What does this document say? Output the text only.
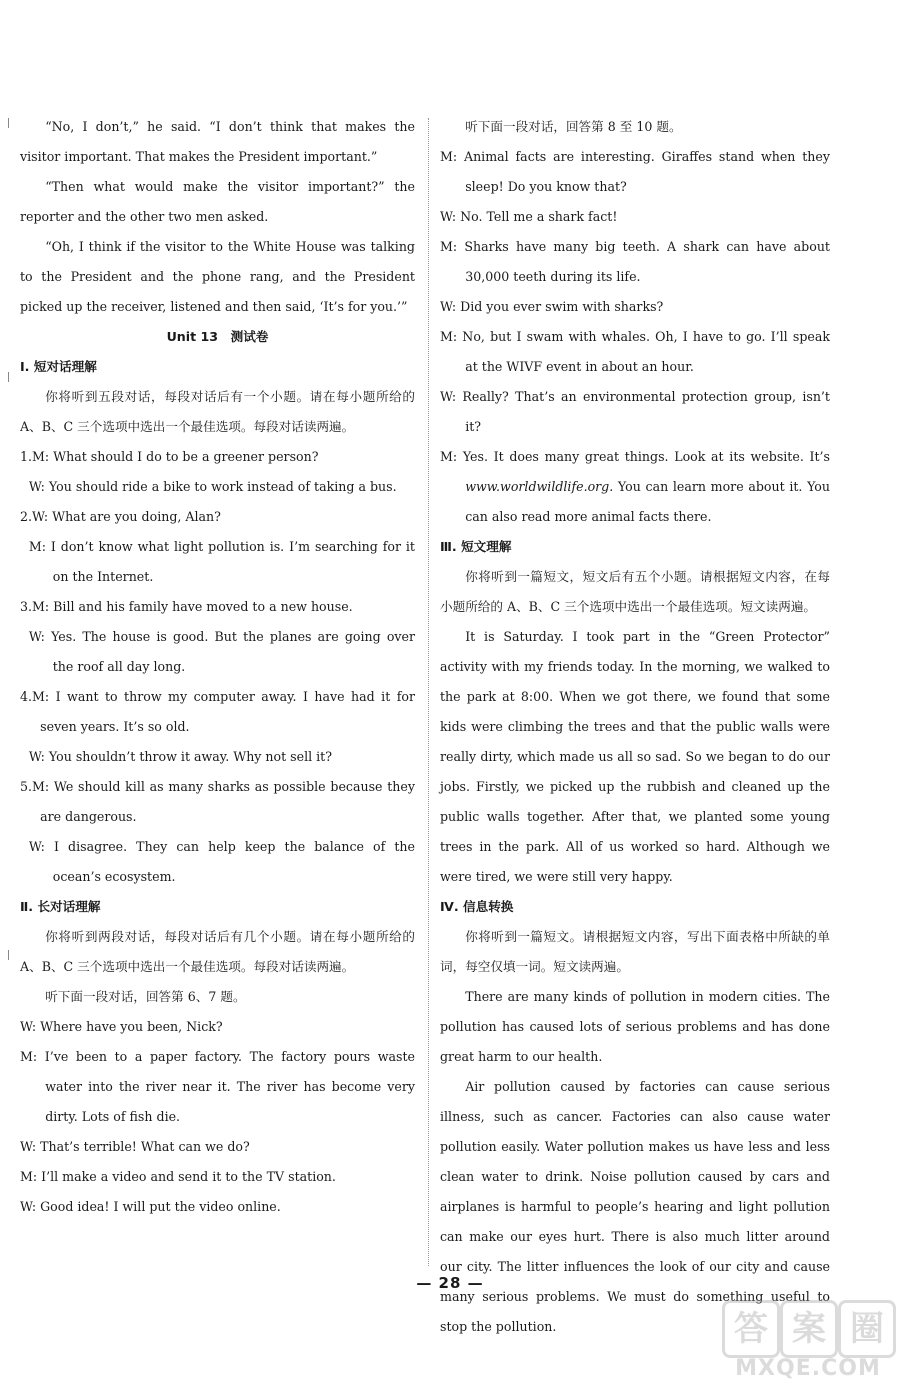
“No, I don’t,” he said. “I don’t think that makes the visitor important. That makes the President important.”

“Then what would make the visitor important?” the reporter and the other two men asked.

“Oh, I think if the visitor to the White House was talking to the President and the phone rang, and the President picked up the receiver, listened and then said, ‘It’s for you.’”

Unit 13　测试卷

Ⅰ. 短对话理解

你将听到五段对话，每段对话后有一个小题。请在每小题所给的 A、B、C 三个选项中选出一个最佳选项。每段对话读两遍。

1.M: What should I do to be a greener person?

W: You should ride a bike to work instead of taking a bus.

2.W: What are you doing, Alan?

M: I don’t know what light pollution is. I’m searching for it on the Internet.

3.M: Bill and his family have moved to a new house.

W: Yes. The house is good. But the planes are going over the roof all day long.

4.M: I want to throw my computer away. I have had it for seven years. It’s so old.

W: You shouldn’t throw it away. Why not sell it?

5.M: We should kill as many sharks as possible because they are dangerous.

W: I disagree. They can help keep the balance of the ocean’s ecosystem.

Ⅱ. 长对话理解

你将听到两段对话，每段对话后有几个小题。请在每小题所给的 A、B、C 三个选项中选出一个最佳选项。每段对话读两遍。

听下面一段对话，回答第 6、7 题。

W: Where have you been, Nick?

M: I’ve been to a paper factory. The factory pours waste water into the river near it. The river has become very dirty. Lots of fish die.

W: That’s terrible! What can we do?

M: I’ll make a video and send it to the TV station.

W: Good idea! I will put the video online.

听下面一段对话，回答第 8 至 10 题。

M: Animal facts are interesting. Giraffes stand when they sleep! Do you know that?

W: No. Tell me a shark fact!

M: Sharks have many big teeth. A shark can have about 30,000 teeth during its life.

W: Did you ever swim with sharks?

M: No, but I swam with whales. Oh, I have to go. I’ll speak at the WIVF event in about an hour.

W: Really? That’s an environmental protection group, isn’t it?

M: Yes. It does many great things. Look at its website. It’s www.worldwildlife.org. You can learn more about it. You can also read more animal facts there.

Ⅲ. 短文理解

你将听到一篇短文，短文后有五个小题。请根据短文内容，在每小题所给的 A、B、C 三个选项中选出一个最佳选项。短文读两遍。

It is Saturday. I took part in the “Green Protector” activity with my friends today. In the morning, we walked to the park at 8:00. When we got there, we found that some kids were climbing the trees and that the public walls were really dirty, which made us all so sad. So we began to do our jobs. Firstly, we picked up the rubbish and cleaned up the public walls together. After that, we planted some young trees in the park. All of us worked so hard. Although we were tired, we were still very happy.

Ⅳ. 信息转换

你将听到一篇短文。请根据短文内容，写出下面表格中所缺的单词，每空仅填一词。短文读两遍。

There are many kinds of pollution in modern cities. The pollution has caused lots of serious problems and has done great harm to our health.

Air pollution caused by factories can cause serious illness, such as cancer. Factories can also cause water pollution easily. Water pollution makes us have less and less clean water to drink. Noise pollution caused by cars and airplanes is harmful to people’s hearing and light pollution can make our eyes hurt. There is also much litter around our city. The litter influences the look of our city and cause many serious problems. We must do something useful to stop the pollution.

— 28 —
答 案 圈
MXQE.COM
